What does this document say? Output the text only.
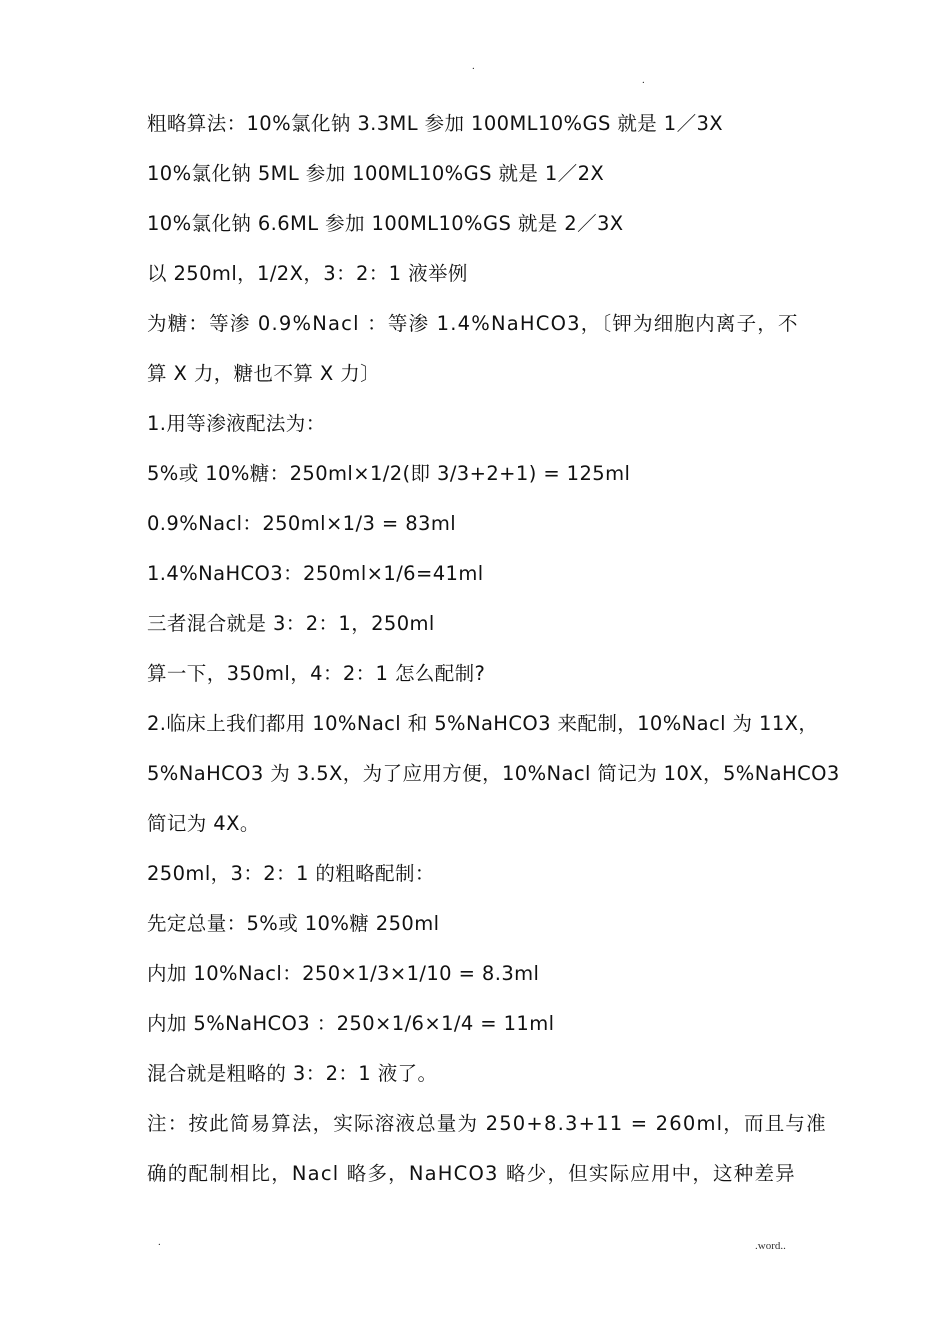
.
.
粗略算法：10%氯化钠 3.3ML 参加 100ML10%GS 就是 1／3X
10%氯化钠 5ML 参加 100ML10%GS 就是 1／2X
10%氯化钠 6.6ML 参加 100ML10%GS 就是 2／3X
以 250ml，1/2X，3：2：1 液举例
为糖：等渗 0.9%Nacl ：等渗 1.4%NaHCO3，〔钾为细胞内离子，不
算 X 力，糖也不算 X 力〕
1.用等渗液配法为：
5%或 10%糖：250ml×1/2(即 3/3+2+1) = 125ml
0.9%Nacl：250ml×1/3 = 83ml
1.4%NaHCO3：250ml×1/6=41ml
三者混合就是 3：2：1，250ml
算一下，350ml，4：2：1 怎么配制?
2.临床上我们都用 10%Nacl 和 5%NaHCO3 来配制，10%Nacl 为 11X，
5%NaHCO3 为 3.5X，为了应用方便，10%Nacl 简记为 10X，5%NaHCO3
简记为 4X。
250ml，3：2：1 的粗略配制：
先定总量：5%或 10%糖 250ml
内加 10%Nacl：250×1/3×1/10 = 8.3ml
内加 5%NaHCO3 ：250×1/6×1/4 = 11ml
混合就是粗略的 3：2：1 液了。
注：按此简易算法，实际溶液总量为 250+8.3+11 = 260ml，而且与准
确的配制相比，Nacl 略多，NaHCO3 略少，但实际应用中，这种差异
.	.word..
